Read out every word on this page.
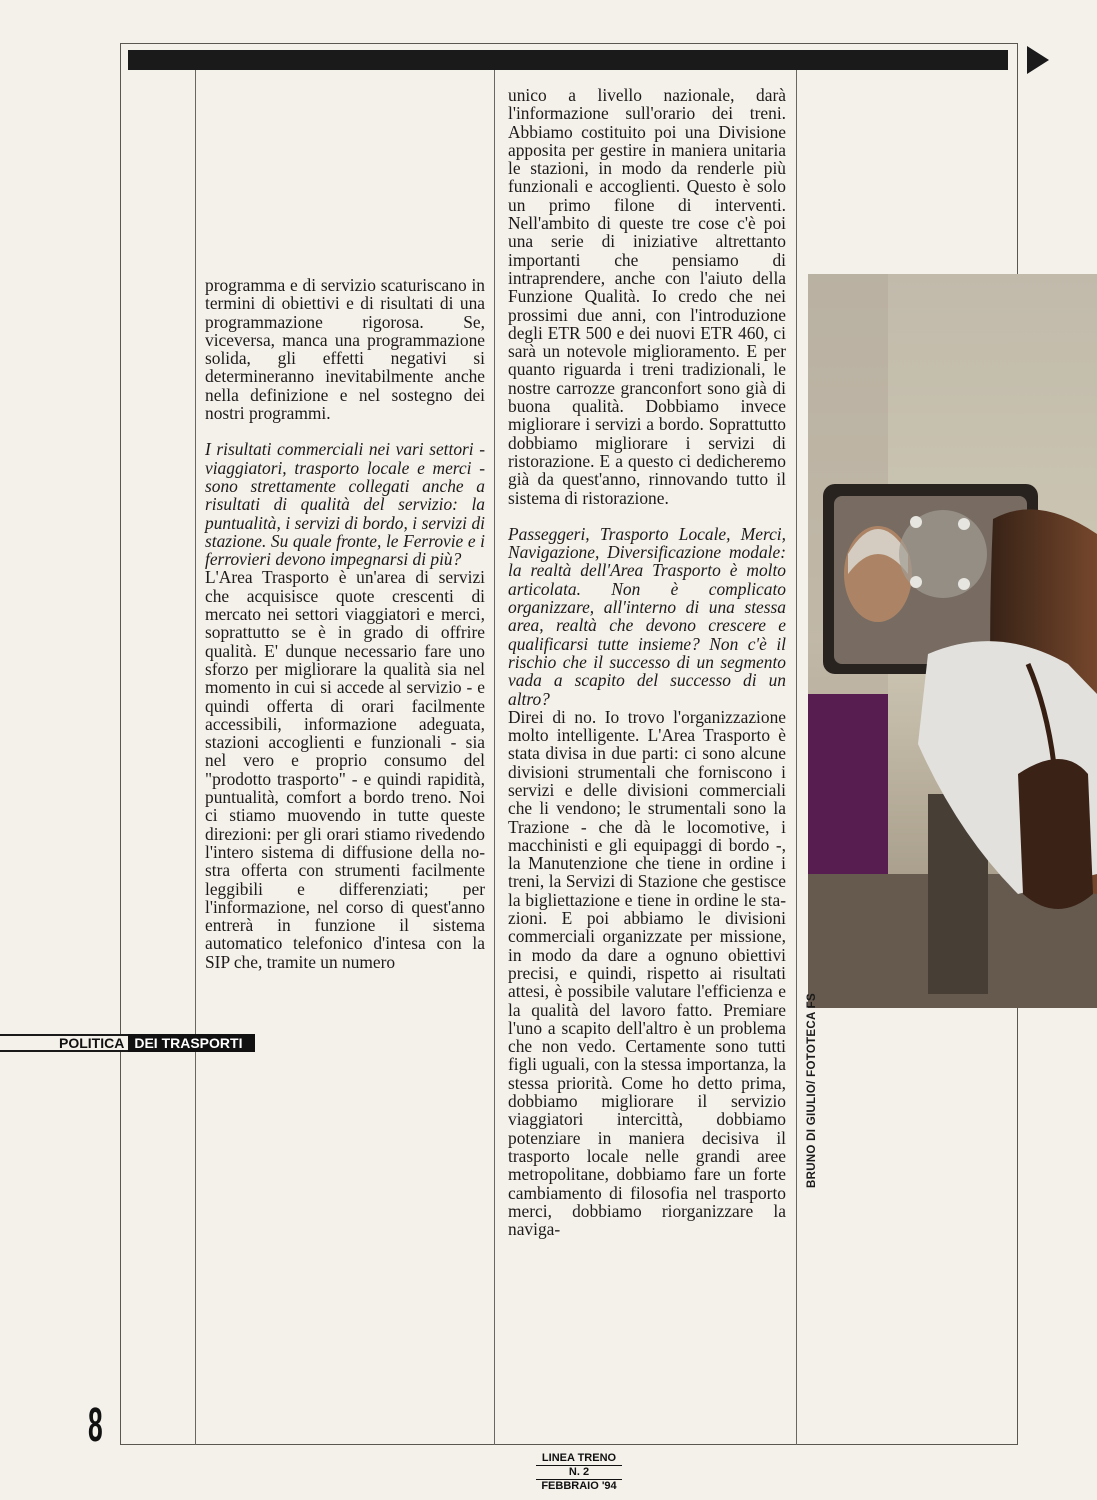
programma e di servizio scaturiscano in termini di obiettivi e di risultati di una programmazione rigorosa. Se, viceversa, manca una programmazione solida, gli effetti negativi si determineranno inevitabilmente anche nella definizione e nel sostegno dei nostri programmi.

I risultati commerciali nei vari settori - viaggiatori, trasporto locale e merci - sono strettamente collegati anche a risultati di qualità del servizio: la puntualità, i servizi di bordo, i servizi di stazione. Su quale fronte, le Ferrovie e i ferrovieri devono impegnarsi di più?

L'Area Trasporto è un'area di servizi che acquisisce quote crescenti di mercato nei settori viaggiatori e merci, soprattutto se è in grado di offrire qualità. E' dunque necessario fare uno sforzo per migliorare la qualità sia nel momento in cui si accede al servizio - e quindi offerta di orari facilmente accessibili, informazione adeguata, stazioni accoglienti e funzionali - sia nel vero e proprio consumo del "prodotto trasporto" - e quindi rapidità, puntualità, comfort a bordo treno. Noi ci stiamo muovendo in tutte queste direzioni: per gli orari stiamo rivedendo l'intero sistema di diffusione della nostra offerta con strumenti facilmente leggibili e differenziati; per l'informazione, nel corso di quest'anno entrerà in funzione il sistema automatico telefonico d'intesa con la SIP che, tramite un numero

unico a livello nazionale, darà l'informazione sull'orario dei treni. Abbiamo costituito poi una Divisione apposita per gestire in maniera unitaria le stazioni, in modo da renderle più funzionali e accoglienti. Questo è solo un primo filone di interventi. Nell'ambito di queste tre cose c'è poi una serie di iniziative altrettanto importanti che pensiamo di intraprendere, anche con l'aiuto della Funzione Qualità. Io credo che nei prossimi due anni, con l'introduzione degli ETR 500 e dei nuovi ETR 460, ci sarà un notevole miglioramento. E per quanto riguarda i treni tradizionali, le nostre carrozze granconfort sono già di buona qualità. Dobbiamo invece migliorare i servizi a bordo. Soprattutto dobbiamo migliorare i servizi di ristorazione. E a questo ci dedicheremo già da quest'anno, rinnovando tutto il sistema di ristorazione.

Passeggeri, Trasporto Locale, Merci, Navigazione, Diversificazione modale: la realtà dell'Area Trasporto è molto articolata. Non è complicato organizzare, all'interno di una stessa area, realtà che devono crescere e qualificarsi tutte insieme? Non c'è il rischio che il successo di un segmento vada a scapito del successo di un altro?

Direi di no. Io trovo l'organizzazione molto intelligente. L'Area Trasporto è stata divisa in due parti: ci sono alcune divisioni strumentali che forniscono i servizi e delle divisioni commerciali che li vendono; le strumentali sono la Trazione - che dà le locomotive, i macchinisti e gli equipaggi di bordo -, la Manutenzione che tiene in ordine i treni, la Servizi di Stazione che gestisce la bigliettazione e tiene in ordine le stazioni. E poi abbiamo le divisioni commerciali organizzate per missione, in modo da dare a ognuno obiettivi precisi, e quindi, rispetto ai risultati attesi, è possibile valutare l'efficienza e la qualità del lavoro fatto. Premiare l'uno a scapito dell'altro è un problema che non vedo. Certamente sono tutti figli uguali, con la stessa importanza, la stessa priorità. Come ho detto prima, dobbiamo migliorare il servizio viaggiatori intercittà, dobbiamo potenziare in maniera decisiva il trasporto locale nelle grandi aree metropolitane, dobbiamo fare un forte cambiamento di filosofia nel trasporto merci, dobbiamo riorganizzare la naviga-

BRUNO DI GIULIO/ FOTOTECA FS
POLITICA DEI TRASPORTI
8
LINEA TRENO
N. 2
FEBBRAIO '94
